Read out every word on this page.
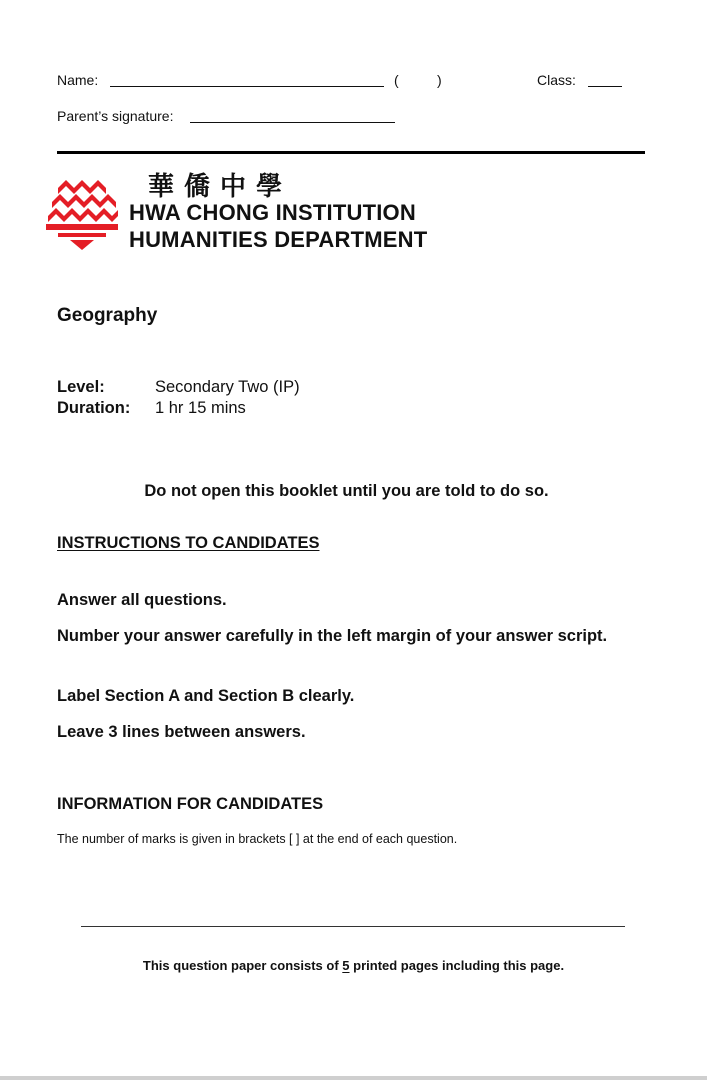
Name:	(	)	Class:
Parent’s signature:
華僑中學
HWA CHONG INSTITUTION
HUMANITIES DEPARTMENT
Geography
Level:	Secondary Two (IP)
Duration: 1 hr 15 mins
Do not open this booklet until you are told to do so.
INSTRUCTIONS TO CANDIDATES
Answer all questions.
Number your answer carefully in the left margin of your answer script.
Label Section A and Section B clearly.
Leave 3 lines between answers.
INFORMATION FOR CANDIDATES
The number of marks is given in brackets [ ] at the end of each question.
This question paper consists of 5 printed pages including this page.
